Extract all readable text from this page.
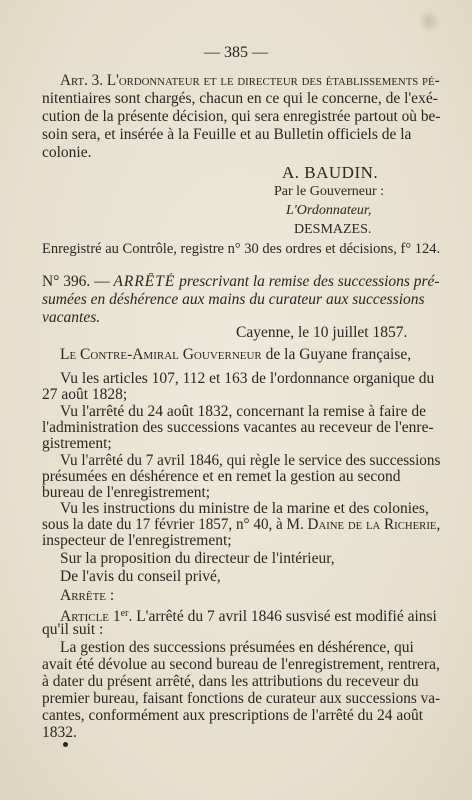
— 385 —
Art. 3. L'ordonnateur et le directeur des établissements pé-
nitentiaires sont chargés, chacun en ce qui le concerne, de l'exé-
cution de la présente décision, qui sera enregistrée partout où be-
soin sera, et insérée à la Feuille et au Bulletin officiels de la
colonie.
A. BAUDIN.
Par le Gouverneur :
L'Ordonnateur,
DESMAZES.
Enregistré au Contrôle, registre n° 30 des ordres et décisions, f° 124.
N° 396. — ARRÊTÉ prescrivant la remise des successions pré-
sumées en déshérence aux mains du curateur aux successions
vacantes.
Cayenne, le 10 juillet 1857.
Le Contre-Amiral Gouverneur de la Guyane française,
Vu les articles 107, 112 et 163 de l'ordonnance organique du
27 août 1828;
Vu l'arrêté du 24 août 1832, concernant la remise à faire de
l'administration des successions vacantes au receveur de l'enre-
gistrement;
Vu l'arrêté du 7 avril 1846, qui règle le service des successions
présumées en déshérence et en remet la gestion au second
bureau de l'enregistrement;
Vu les instructions du ministre de la marine et des colonies,
sous la date du 17 février 1857, n° 40, à M. Daine de la Richerie,
inspecteur de l'enregistrement;
Sur la proposition du directeur de l'intérieur,
De l'avis du conseil privé,
Arrête :
Article 1er. L'arrêté du 7 avril 1846 susvisé est modifié ainsi
qu'il suit :
La gestion des successions présumées en déshérence, qui
avait été dévolue au second bureau de l'enregistrement, rentrera,
à dater du présent arrêté, dans les attributions du receveur du
premier bureau, faisant fonctions de curateur aux successions va-
cantes, conformément aux prescriptions de l'arrêté du 24 août
1832.
